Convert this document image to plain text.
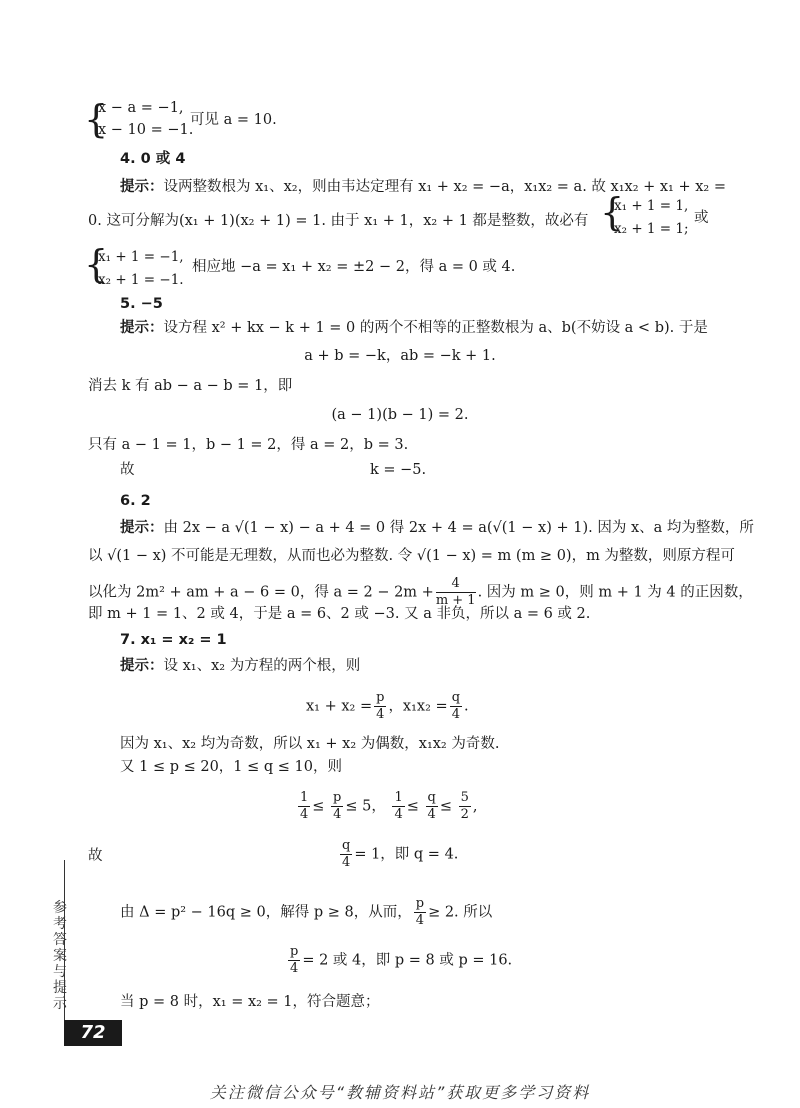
{
x − a = −1,
x − 10 = −1.
可见 a = 10.
4. 0 或 4
提示：设两整数根为 x₁、x₂，则由韦达定理有 x₁ + x₂ = −a，x₁x₂ = a. 故 x₁x₂ + x₁ + x₂ =
0. 这可分解为(x₁ + 1)(x₂ + 1) = 1. 由于 x₁ + 1，x₂ + 1 都是整数，故必有 {
x₁ + 1 = 1,
x₂ + 1 = 1;
或
{
x₁ + 1 = −1,
x₂ + 1 = −1.
相应地 −a = x₁ + x₂ = ±2 − 2，得 a = 0 或 4.
5. −5
提示：设方程 x² + kx − k + 1 = 0 的两个不相等的正整数根为 a、b(不妨设 a < b). 于是
a + b = −k，ab = −k + 1.
消去 k 有 ab − a − b = 1，即
(a − 1)(b − 1) = 2.
只有 a − 1 = 1，b − 1 = 2，得 a = 2，b = 3.
故	k = −5.
6. 2
提示：由 2x − a √(1 − x) − a + 4 = 0 得 2x + 4 = a(√(1 − x) + 1). 因为 x、a 均为整数，所
以 √(1 − x) 不可能是无理数，从而也必为整数. 令 √(1 − x) = m (m ≥ 0)，m 为整数，则原方程可
以化为 2m² + am + a − 6 = 0，得 $a = 2 - 2m + \frac{4}{m + 1}$ . 因为 m ≥ 0，则 m + 1 为 4 的正因数，
即 m + 1 = 1、2 或 4，于是 a = 6、2 或 −3. 又 a 非负，所以 a = 6 或 2.
7. x₁ = x₂ = 1
提示：设 x₁、x₂ 为方程的两个根，则
$x_1 + x_2 = \frac{p}{4}$ ，$x_1x_2 = \frac{q}{4}$ .
因为 x₁、x₂ 均为奇数，所以 x₁ + x₂ 为偶数，x₁x₂ 为奇数.
又 1 ≤ p ≤ 20，1 ≤ q ≤ 10，则
$\frac{1}{4} \le \frac{p}{4} \le 5$， $\frac{1}{4} \le \frac{q}{4} \le \frac{5}{2}$ ,
故	$\frac{q}{4} = 1$，即 q = 4.
由 Δ = p² − 16q ≥ 0，解得 p ≥ 8，从而， $\frac{p}{4} \ge 2$. 所以
$\frac{p}{4} = 2$ 或 4，即 p = 8 或 p = 16.
当 p = 8 时，x₁ = x₂ = 1，符合题意；
参考答案与提示
72
关注微信公众号“教辅资料站”获取更多学习资料
